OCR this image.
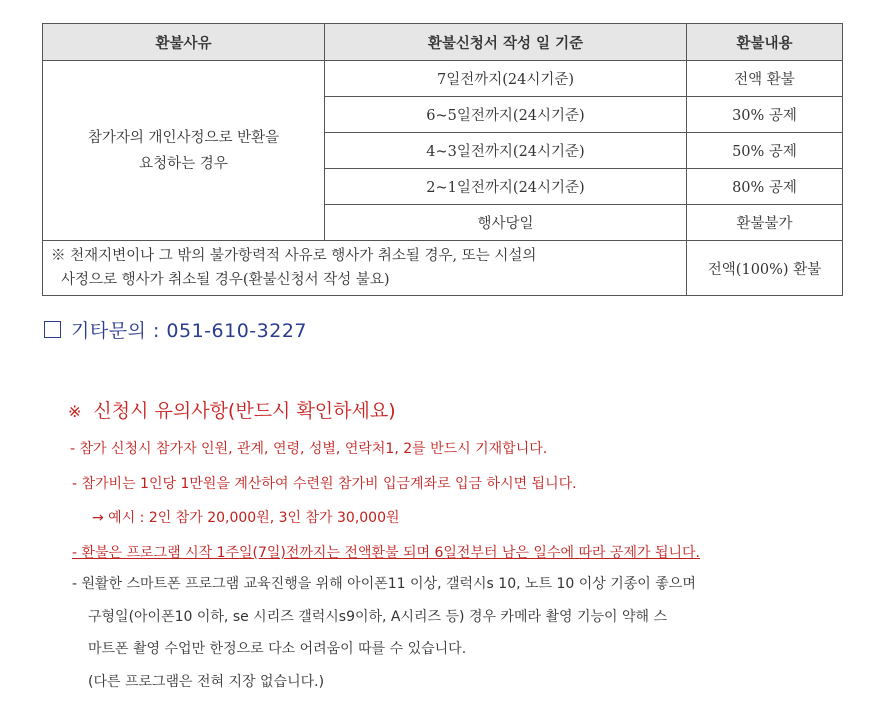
환불사유	환불신청서 작성 일 기준	환불내용
참가자의 개인사정으로 반환을
요청하는 경우	7일전까지(24시기준)	전액 환불
	6~5일전까지(24시기준)	30% 공제
	4~3일전까지(24시기준)	50% 공제
	2~1일전까지(24시기준)	80% 공제
	행사당일	환불불가
※ 천재지변이나 그 밖의 불가항력적 사유로 행사가 취소될 경우, 또는 시설의
사정으로 행사가 취소될 경우(환불신청서 작성 불요)		전액(100%) 환불
기타문의 : 051-610-3227
※ 신청시 유의사항(반드시 확인하세요)
- 참가 신청시 참가자 인원, 관계, 연령, 성별, 연락처1, 2를 반드시 기재합니다.
- 참가비는 1인당 1만원을 계산하여 수련원 참가비 입금계좌로 입금 하시면 됩니다.
→ 예시 : 2인 참가 20,000원, 3인 참가 30,000원
- 환불은 프로그램 시작 1주일(7일)전까지는 전액환불 되며 6일전부터 남은 일수에 따라 공제가 됩니다.
- 원활한 스마트폰 프로그램 교육진행을 위해 아이폰11 이상, 갤럭시s 10, 노트 10 이상 기종이 좋으며
구형일(아이폰10 이하, se 시리즈 갤럭시s9이하, A시리즈 등) 경우 카메라 촬영 기능이 약해 스
마트폰 촬영 수업만 한정으로 다소 어려움이 따를 수 있습니다.
(다른 프로그램은 전혀 지장 없습니다.)
